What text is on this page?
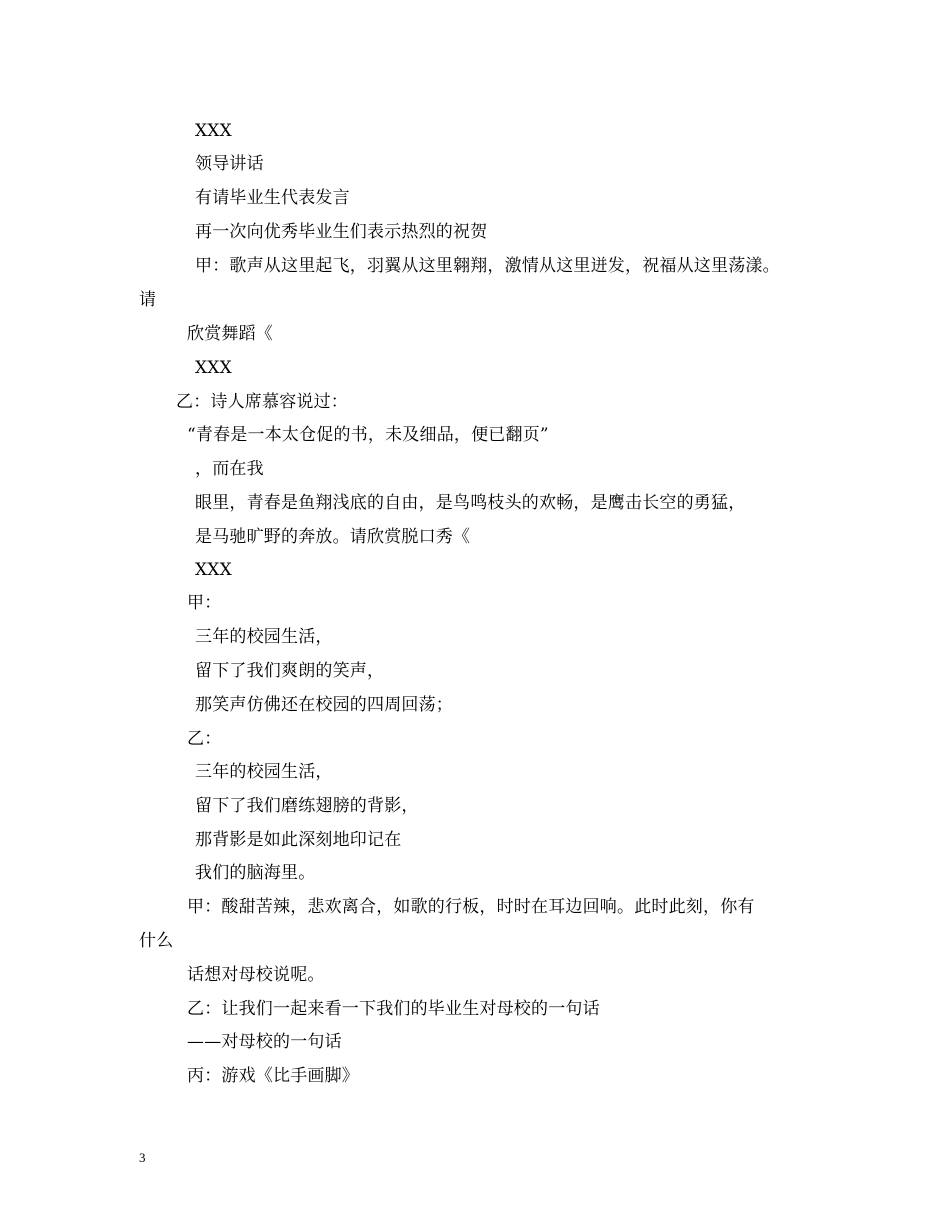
XXX
领导讲话
有请毕业生代表发言
再一次向优秀毕业生们表示热烈的祝贺
甲：歌声从这里起飞，羽翼从这里翱翔，激情从这里迸发，祝福从这里荡漾。
请
欣赏舞蹈《
XXX
乙：诗人席慕容说过：
“青春是一本太仓促的书，未及细品，便已翻页”
，而在我
眼里，青春是鱼翔浅底的自由，是鸟鸣枝头的欢畅，是鹰击长空的勇猛，
是马驰旷野的奔放。请欣赏脱口秀《
XXX
甲：
三年的校园生活，
留下了我们爽朗的笑声，
那笑声仿佛还在校园的四周回荡；
乙：
三年的校园生活，
留下了我们磨练翅膀的背影，
那背影是如此深刻地印记在
我们的脑海里。
甲：酸甜苦辣，悲欢离合，如歌的行板，时时在耳边回响。此时此刻，你有
什么
话想对母校说呢。
乙：让我们一起来看一下我们的毕业生对母校的一句话
——对母校的一句话
丙：游戏《比手画脚》
3
